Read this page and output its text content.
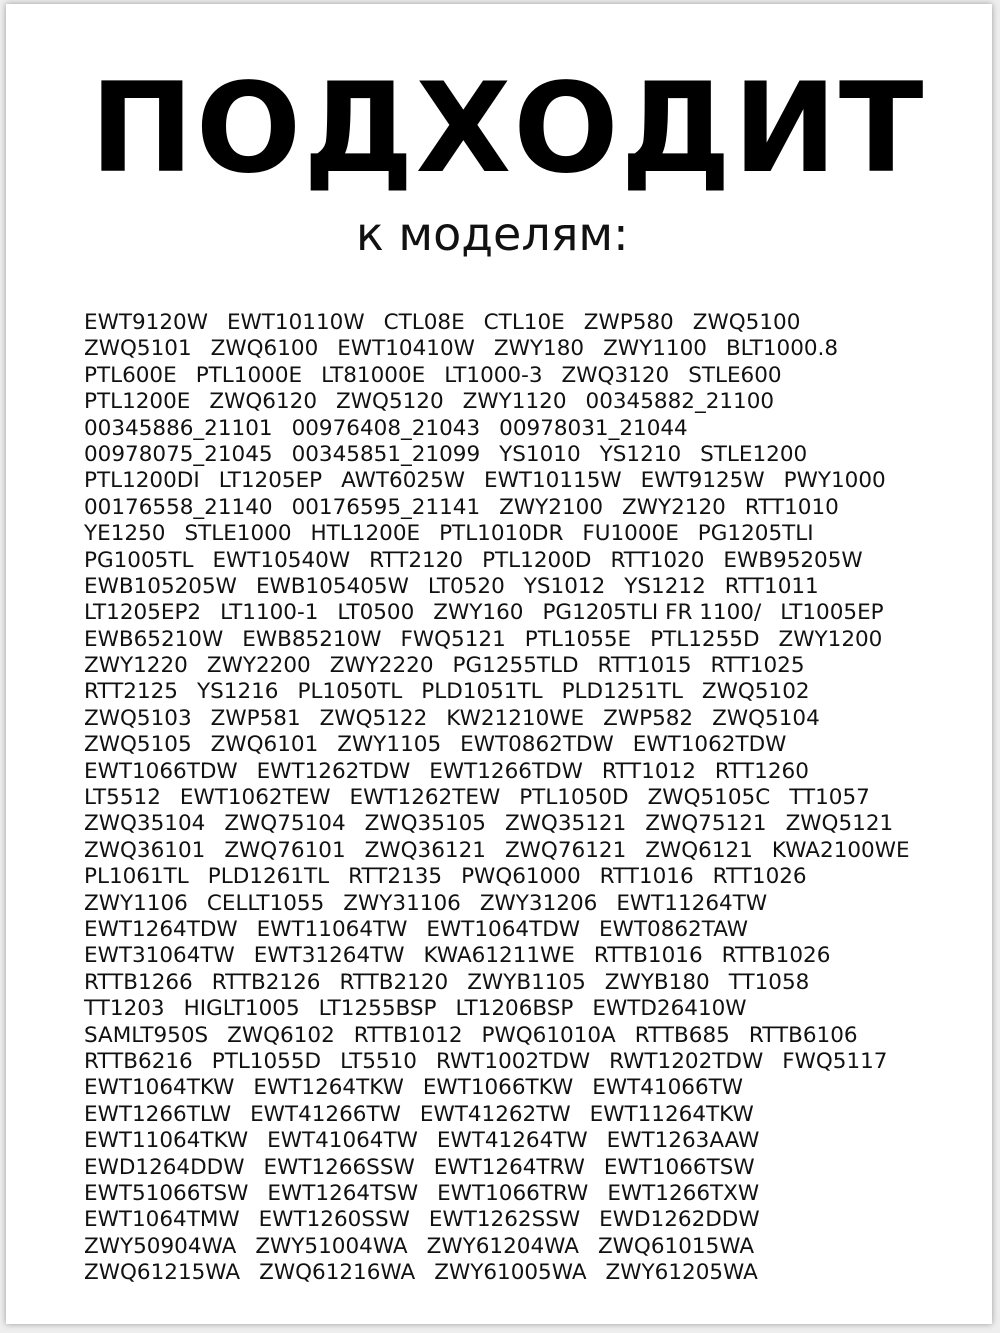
ПОДХОДИТ
к моделям:
EWT9120W EWT10110W CTL08E CTL10E ZWP580 ZWQ5100
ZWQ5101 ZWQ6100 EWT10410W ZWY180 ZWY1100 BLT1000.8
PTL600E PTL1000E LT81000E LT1000-3 ZWQ3120 STLE600
PTL1200E ZWQ6120 ZWQ5120 ZWY1120 00345882_21100
00345886_21101 00976408_21043 00978031_21044
00978075_21045 00345851_21099 YS1010 YS1210 STLE1200
PTL1200DI LT1205EP AWT6025W EWT10115W EWT9125W PWY1000
00176558_21140 00176595_21141 ZWY2100 ZWY2120 RTT1010
YE1250 STLE1000 HTL1200E PTL1010DR FU1000E PG1205TLI
PG1005TL EWT10540W RTT2120 PTL1200D RTT1020 EWB95205W
EWB105205W EWB105405W LT0520 YS1012 YS1212 RTT1011
LT1205EP2 LT1100-1 LT0500 ZWY160 PG1205TLI FR 1100/ LT1005EP
EWB65210W EWB85210W FWQ5121 PTL1055E PTL1255D ZWY1200
ZWY1220 ZWY2200 ZWY2220 PG1255TLD RTT1015 RTT1025
RTT2125 YS1216 PL1050TL PLD1051TL PLD1251TL ZWQ5102
ZWQ5103 ZWP581 ZWQ5122 KW21210WE ZWP582 ZWQ5104
ZWQ5105 ZWQ6101 ZWY1105 EWT0862TDW EWT1062TDW
EWT1066TDW EWT1262TDW EWT1266TDW RTT1012 RTT1260
LT5512 EWT1062TEW EWT1262TEW PTL1050D ZWQ5105C TT1057
ZWQ35104 ZWQ75104 ZWQ35105 ZWQ35121 ZWQ75121 ZWQ5121
ZWQ36101 ZWQ76101 ZWQ36121 ZWQ76121 ZWQ6121 KWA2100WE
PL1061TL PLD1261TL RTT2135 PWQ61000 RTT1016 RTT1026
ZWY1106 CELLT1055 ZWY31106 ZWY31206 EWT11264TW
EWT1264TDW EWT11064TW EWT1064TDW EWT0862TAW
EWT31064TW EWT31264TW KWA61211WE RTTB1016 RTTB1026
RTTB1266 RTTB2126 RTTB2120 ZWYB1105 ZWYB180 TT1058
TT1203 HIGLT1005 LT1255BSP LT1206BSP EWTD26410W
SAMLT950S ZWQ6102 RTTB1012 PWQ61010A RTTB685 RTTB6106
RTTB6216 PTL1055D LT5510 RWT1002TDW RWT1202TDW FWQ5117
EWT1064TKW EWT1264TKW EWT1066TKW EWT41066TW
EWT1266TLW EWT41266TW EWT41262TW EWT11264TKW
EWT11064TKW EWT41064TW EWT41264TW EWT1263AAW
EWD1264DDW EWT1266SSW EWT1264TRW EWT1066TSW
EWT51066TSW EWT1264TSW EWT1066TRW EWT1266TXW
EWT1064TMW EWT1260SSW EWT1262SSW EWD1262DDW
ZWY50904WA ZWY51004WA ZWY61204WA ZWQ61015WA
ZWQ61215WA ZWQ61216WA ZWY61005WA ZWY61205WA
